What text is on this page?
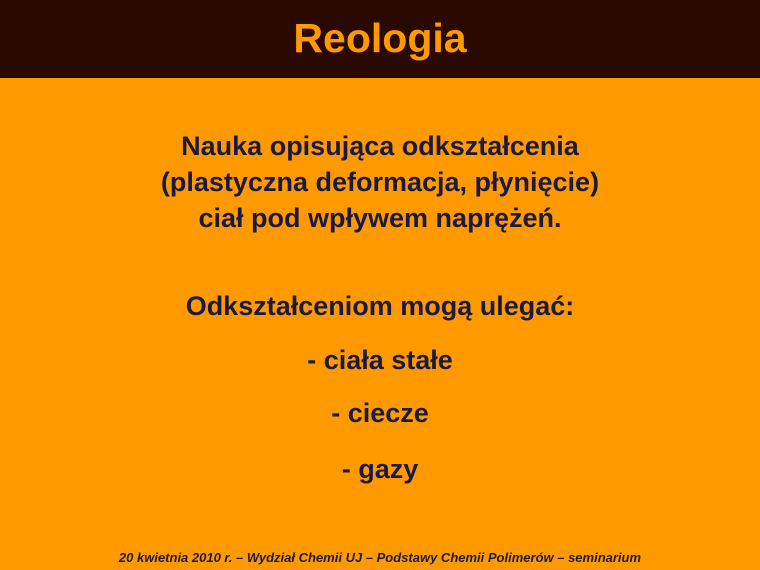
Reologia
Nauka opisująca odkształcenia
(plastyczna deformacja, płynięcie)
ciał pod wpływem naprężeń.
Odkształceniom mogą ulegać:
- ciała stałe
- ciecze
- gazy
20 kwietnia 2010 r. – Wydział Chemii UJ – Podstawy Chemii Polimerów – seminarium
